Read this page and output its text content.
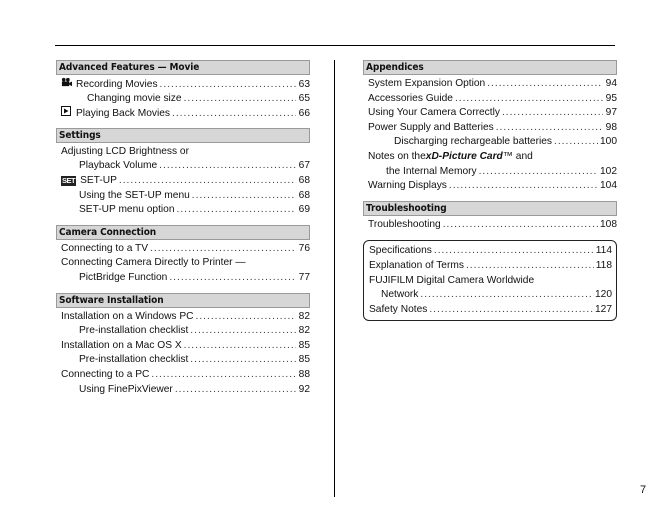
Advanced Features — Movie
Recording Movies .....	63
Changing movie size .....	65
Playing Back Movies .....	66
Settings
Adjusting LCD Brightness or
Playback Volume .....	67
SET SET-UP .....	68
Using the SET-UP menu .....	68
SET-UP menu option .....	69
Camera Connection
Connecting to a TV .....	76
Connecting Camera Directly to Printer —
PictBridge Function .....	77
Software Installation
Installation on a Windows PC .....	82
Pre-installation checklist .....	82
Installation on a Mac OS X .....	85
Pre-installation checklist .....	85
Connecting to a PC .....	88
Using FinePixViewer .....	92
Appendices
System Expansion Option .....	94
Accessories Guide .....	95
Using Your Camera Correctly .....	97
Power Supply and Batteries .....	98
Discharging rechargeable batteries .....	100
Notes on the xD-Picture Card ™ and
the Internal Memory .....	102
Warning Displays .....	104
Troubleshooting
Troubleshooting .....	108
Specifications .....	114
Explanation of Terms .....	118
FUJIFILM Digital Camera Worldwide
Network .....	120
Safety Notes .....	127
7
